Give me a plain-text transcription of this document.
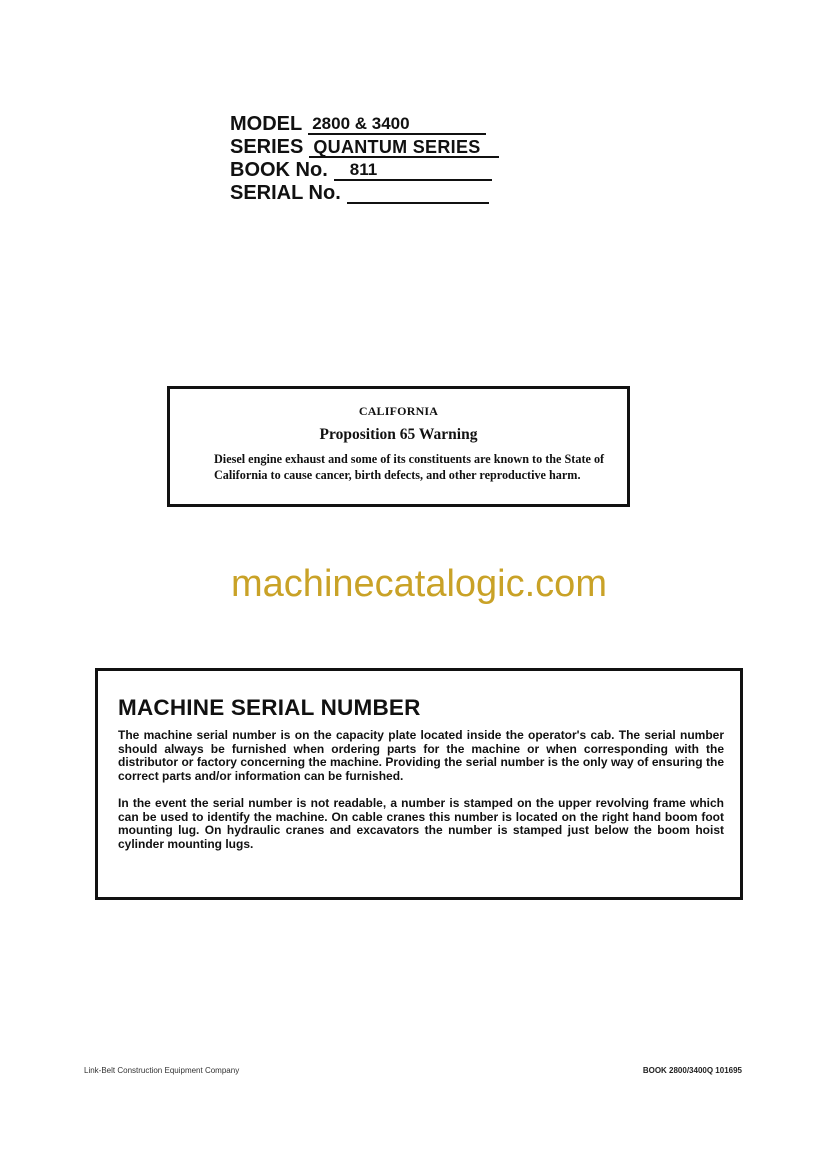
MODEL 2800 & 3400
SERIES QUANTUM SERIES
BOOK No.	811
SERIAL No.
CALIFORNIA
Proposition 65 Warning
Diesel engine exhaust and some of its constituents are known to the State of California to cause cancer, birth defects, and other reproductive harm.
machinecatalogic.com
MACHINE SERIAL NUMBER
The machine serial number is on the capacity plate located inside the operator's cab. The serial number should always be furnished when ordering parts for the machine or when corresponding with the distributor or factory concerning the machine. Providing the serial number is the only way of ensuring the correct parts and/or information can be furnished.
In the event the serial number is not readable, a number is stamped on the upper revolving frame which can be used to identify the machine. On cable cranes this number is located on the right hand boom foot mounting lug. On hydraulic cranes and excavators the number is stamped just below the boom hoist cylinder mounting lugs.
Link-Belt Construction Equipment Company	BOOK 2800/3400Q 101695
